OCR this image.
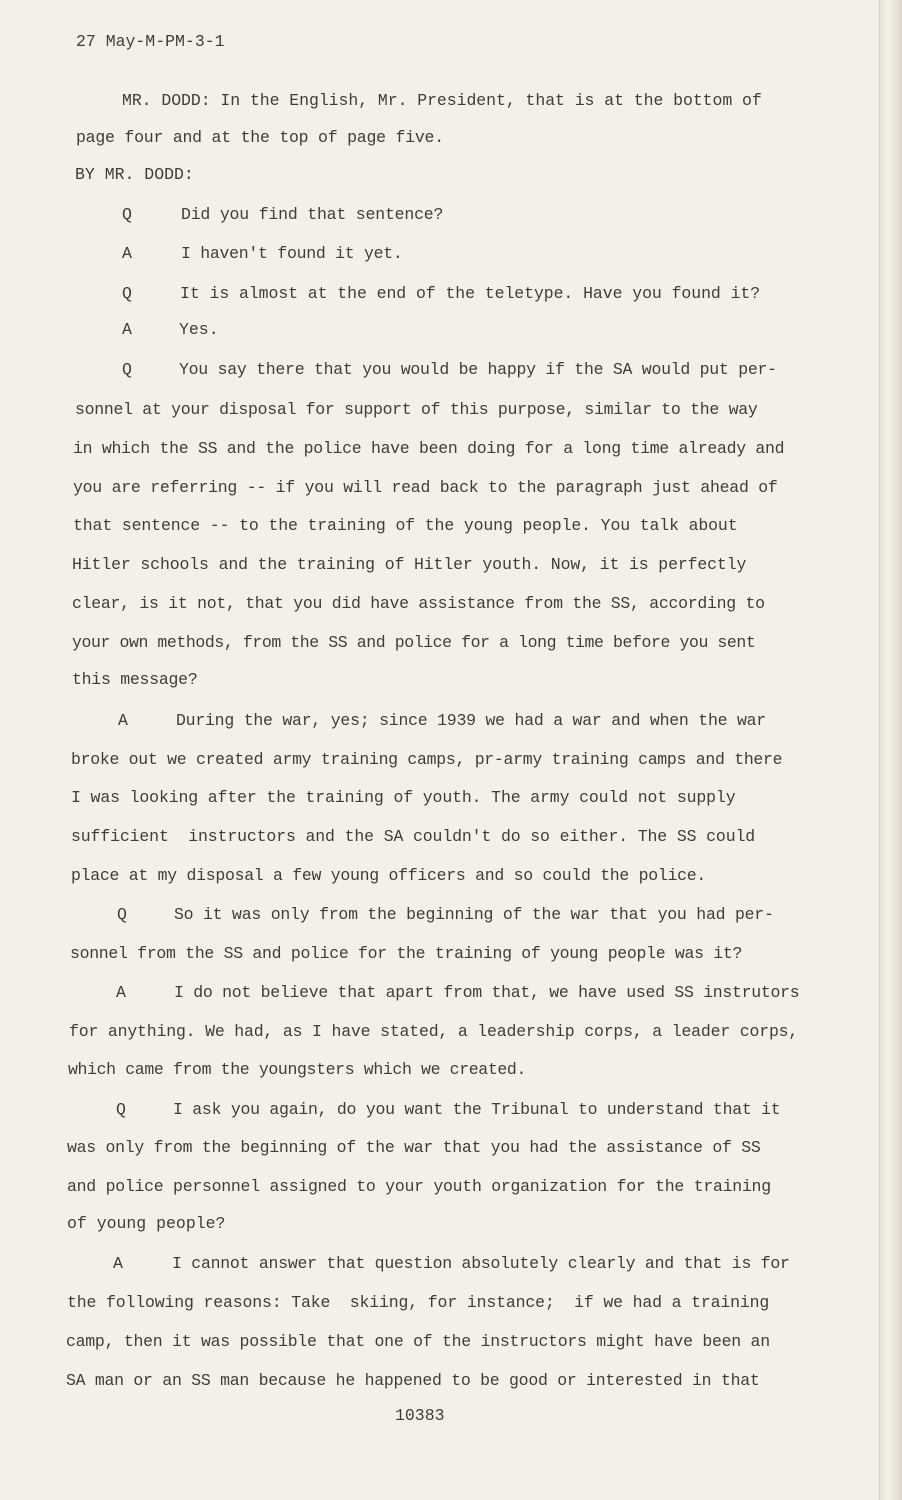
27 May-M-PM-3-1
MR. DODD: In the English, Mr. President, that is at the bottom of
page four and at the top of page five.
BY MR. DODD:
Q	Did you find that sentence?
A	I haven't found it yet.
Q	It is almost at the end of the teletype. Have you found it?
A	Yes.
Q	You say there that you would be happy if the SA would put per-
sonnel at your disposal for support of this purpose, similar to the way
in which the SS and the police have been doing for a long time already and
you are referring -- if you will read back to the paragraph just ahead of
that sentence -- to the training of the young people. You talk about
Hitler schools and the training of Hitler youth. Now, it is perfectly
clear, is it not, that you did have assistance from the SS, according to
your own methods, from the SS and police for a long time before you sent
this message?
A	During the war, yes; since 1939 we had a war and when the war
broke out we created army training camps, pr-army training camps and there
I was looking after the training of youth. The army could not supply
sufficient  instructors and the SA couldn't do so either. The SS could
place at my disposal a few young officers and so could the police.
Q	So it was only from the beginning of the war that you had per-
sonnel from the SS and police for the training of young people was it?
A	I do not believe that apart from that, we have used SS instrutors
for anything. We had, as I have stated, a leadership corps, a leader corps,
which came from the youngsters which we created.
Q	I ask you again, do you want the Tribunal to understand that it
was only from the beginning of the war that you had the assistance of SS
and police personnel assigned to your youth organization for the training
of young people?
A	I cannot answer that question absolutely clearly and that is for
the following reasons: Take  skiing, for instance;  if we had a training
camp, then it was possible that one of the instructors might have been an
SA man or an SS man because he happened to be good or interested in that
10383
